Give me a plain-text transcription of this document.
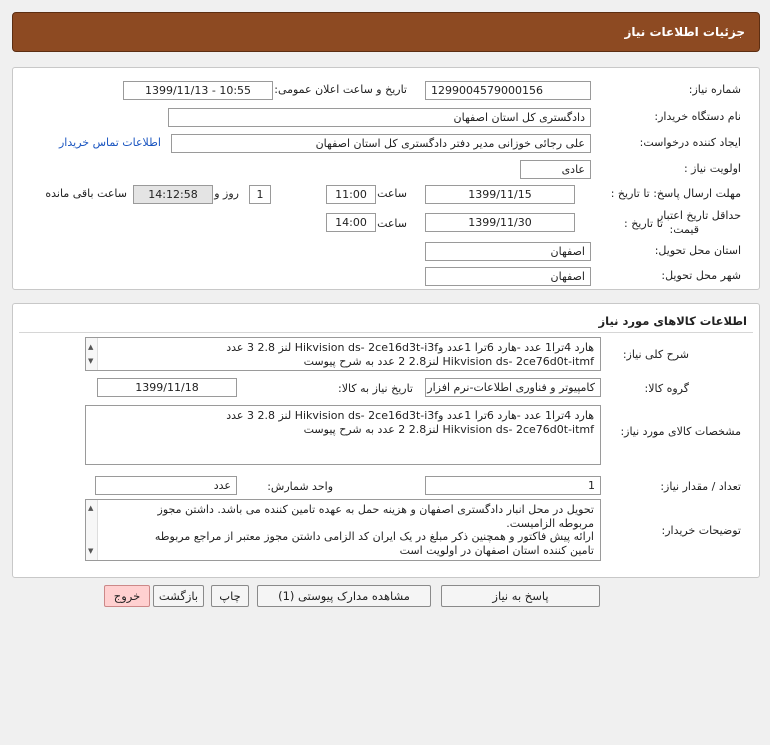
جزئیات اطلاعات نیاز
شماره نیاز:
1299004579000156
تاریخ و ساعت اعلان عمومی:
1399/11/13 - 10:55
نام دستگاه خریدار:
دادگستری کل استان اصفهان
ایجاد کننده درخواست:
علی رجائی خوزانی مدیر دفتر دادگستری کل استان اصفهان
اطلاعات تماس خریدار
اولویت نیاز :
عادی
مهلت ارسال پاسخ: تا تاریخ :
1399/11/15
ساعت
11:00
1
روز و
14:12:58
ساعت باقی مانده
حداقل تاریخ اعتبار
قیمت:
تا تاریخ :
1399/11/30
ساعت
14:00
استان محل تحویل:
اصفهان
شهر محل تحویل:
اصفهان
اطلاعات کالاهای مورد نیاز
شرح کلی نیاز:
▲
▼
هارد 4ترا1 عدد -هارد 6ترا 1عدد وHikvision ds- 2ce16d3t-i3f لنز 2.8 3 عدد
Hikvision ds- 2ce76d0t-itmf لنز2.8 2 عدد به شرح پیوست
گروه کالا:
کامپیوتر و فناوری اطلاعات-نرم افزار
تاریخ نیاز به کالا:
1399/11/18
مشخصات کالای مورد نیاز:
هارد 4ترا1 عدد -هارد 6ترا 1عدد وHikvision ds- 2ce16d3t-i3f لنز 2.8 3 عدد
Hikvision ds- 2ce76d0t-itmf لنز2.8 2 عدد به شرح پیوست
تعداد / مقدار نیاز:
1
واحد شمارش:
عدد
توضیحات خریدار:
▲
▼
تحویل در محل انبار دادگستری اصفهان و هزینه حمل به عهده تامین کننده می باشد. داشتن مجوز
مربوطه الزامیست.
ارائه پیش فاکتور و همچنین ذکر مبلغ در یک ایران کد الزامی داشتن مجوز معتبر از مراجع مربوطه
تامین کننده استان اصفهان در اولویت است
پاسخ به نیاز
مشاهده مدارک پیوستی (1)
چاپ
بازگشت
خروج
